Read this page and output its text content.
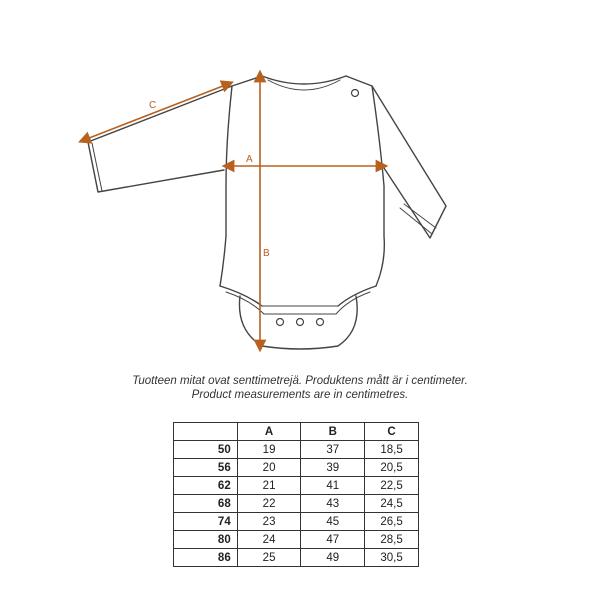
A
B
C
Tuotteen mitat ovat senttimetrejä. Produktens mått är i centimeter.
Product measurements are in centimetres.
	A	B	C
50	19	37	18,5
56	20	39	20,5
62	21	41	22,5
68	22	43	24,5
74	23	45	26,5
80	24	47	28,5
86	25	49	30,5
